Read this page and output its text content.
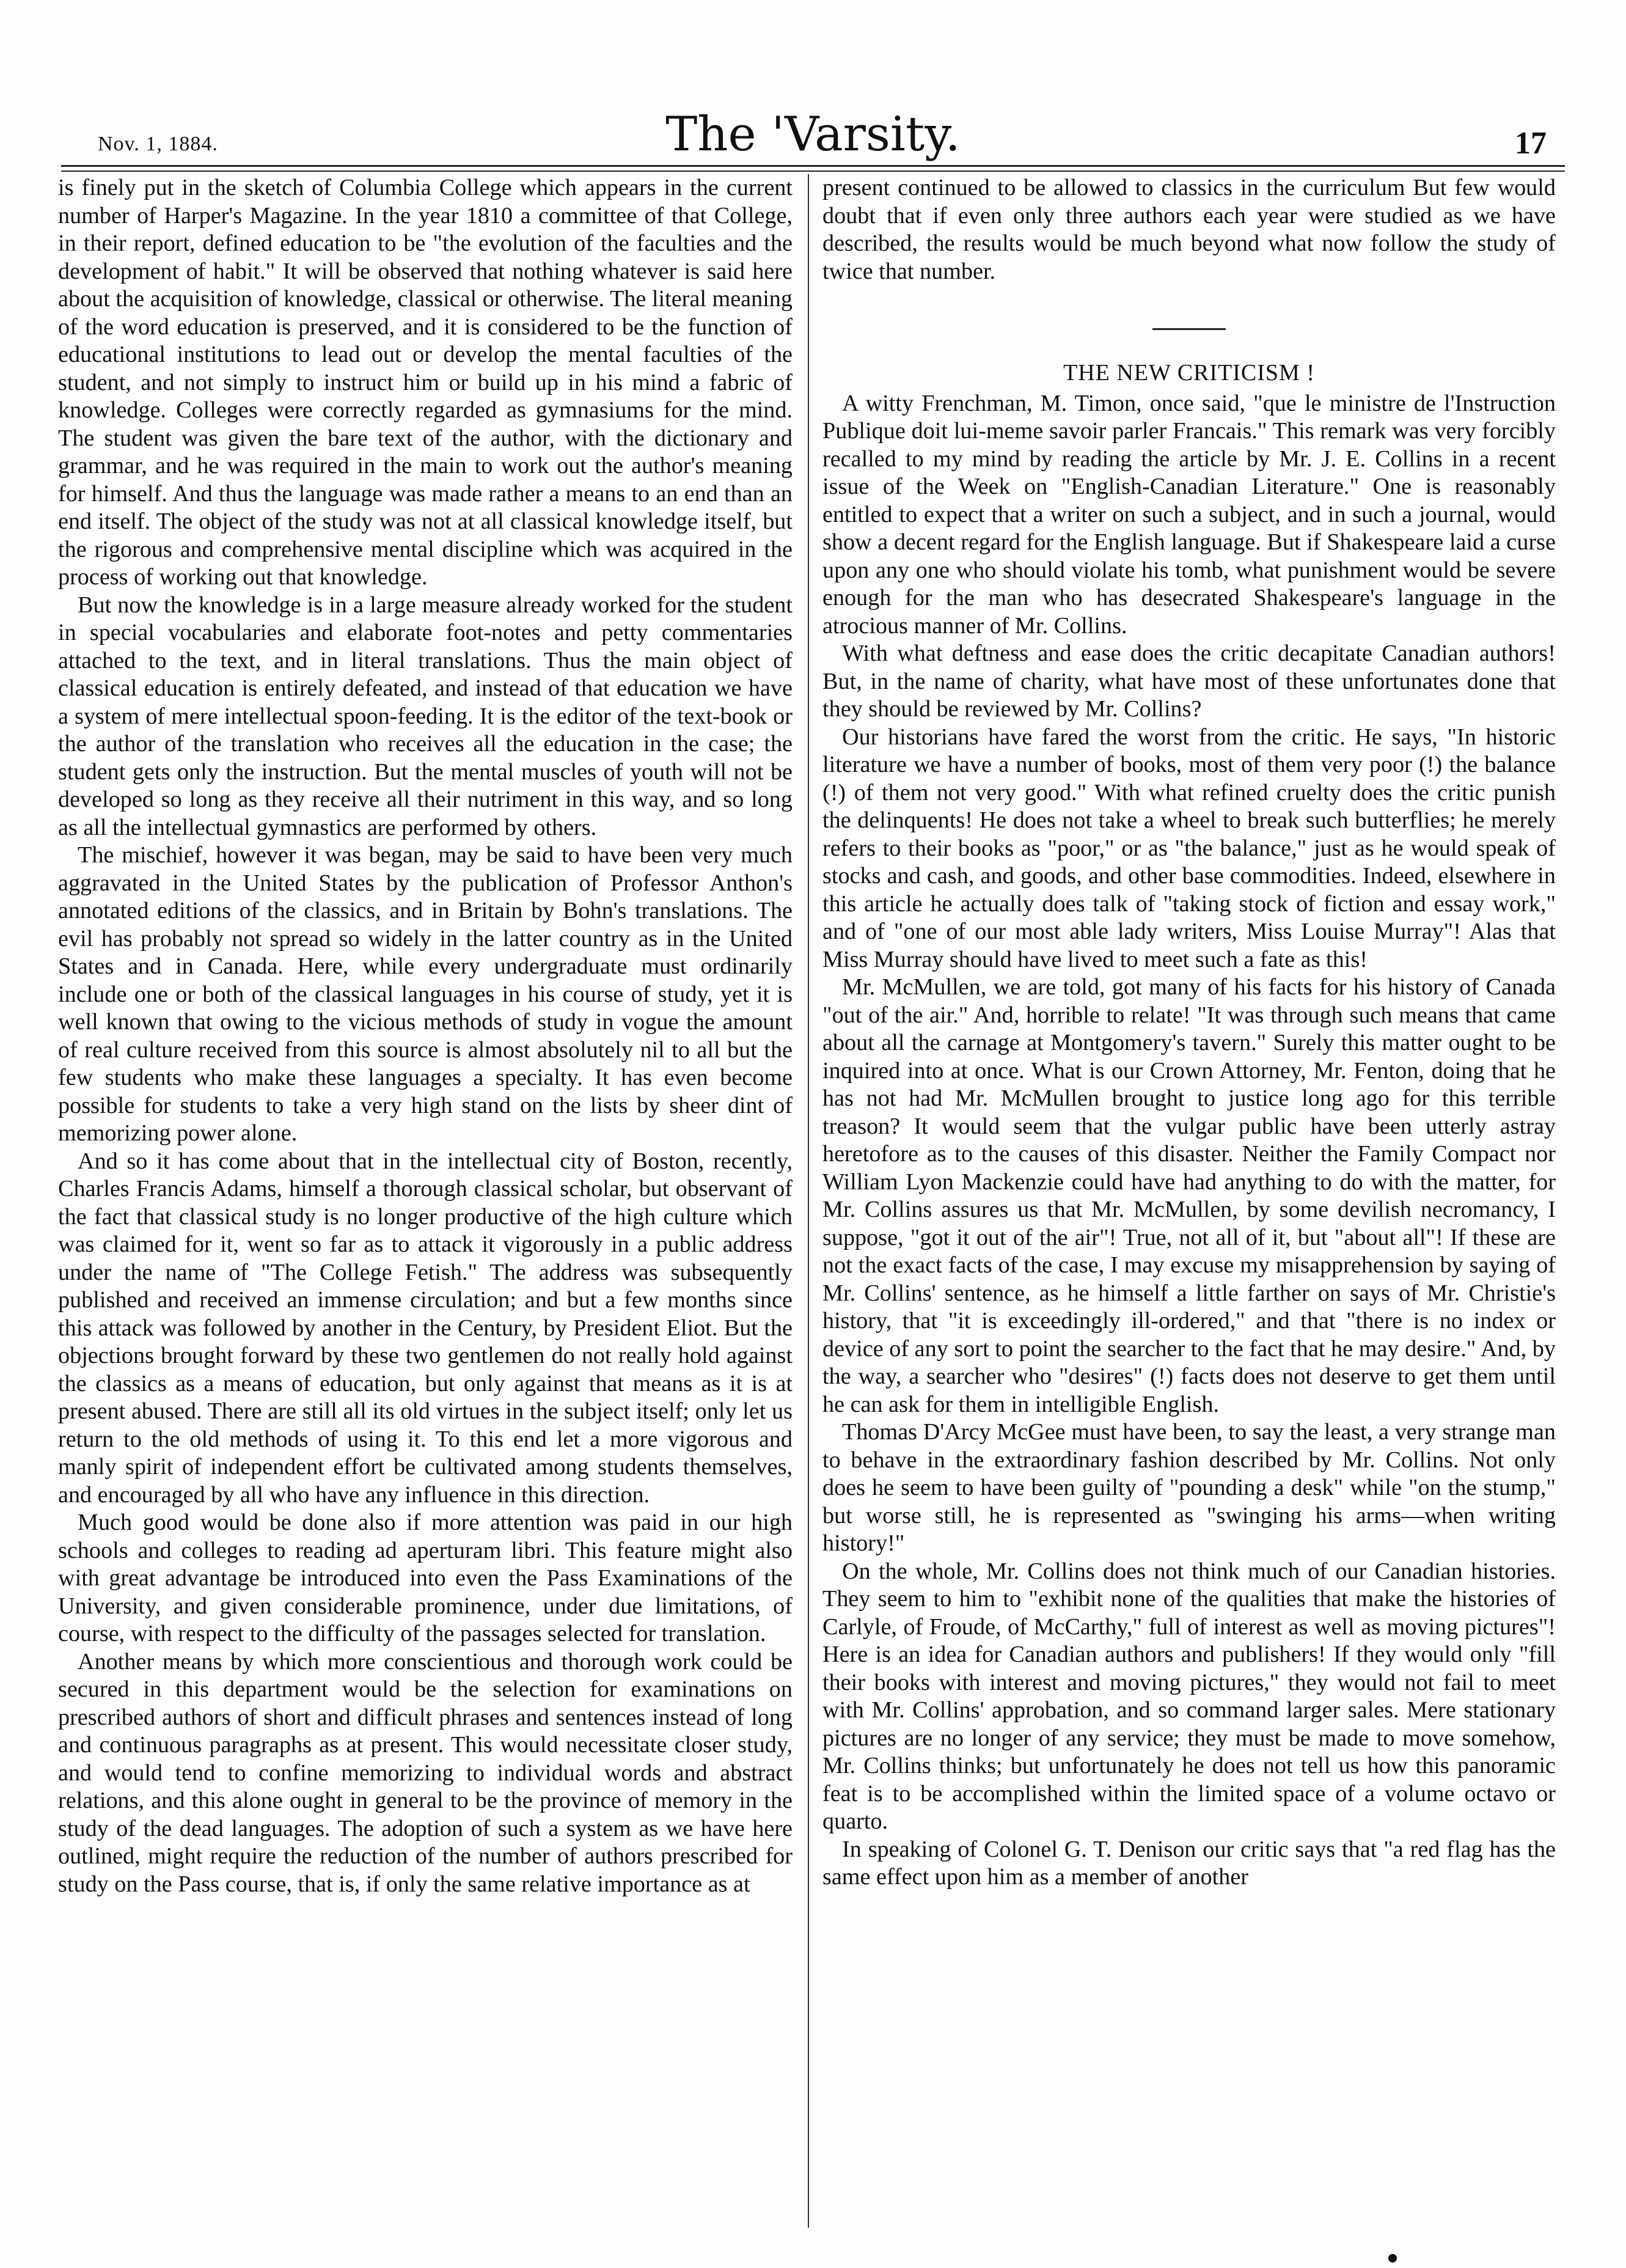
Nov. 1, 1884.	The 'Varsity.	17

is finely put in the sketch of Columbia College which appears in the current number of Harper's Magazine. In the year 1810 a committee of that College, in their report, defined education to be "the evolution of the faculties and the development of habit." It will be observed that nothing whatever is said here about the acquisition of knowledge, classical or otherwise. The literal meaning of the word education is preserved, and it is considered to be the function of educational institutions to lead out or develop the mental faculties of the student, and not simply to instruct him or build up in his mind a fabric of knowledge. Colleges were correctly regarded as gymnasiums for the mind. The student was given the bare text of the author, with the dictionary and grammar, and he was required in the main to work out the author's meaning for himself. And thus the language was made rather a means to an end than an end itself. The object of the study was not at all classical knowledge itself, but the rigorous and comprehensive mental discipline which was acquired in the process of working out that knowledge.

But now the knowledge is in a large measure already worked for the student in special vocabularies and elaborate foot-notes and petty commentaries attached to the text, and in literal translations. Thus the main object of classical education is entirely defeated, and instead of that education we have a system of mere intellectual spoon-feeding. It is the editor of the text-book or the author of the translation who receives all the education in the case; the student gets only the instruction. But the mental muscles of youth will not be developed so long as they receive all their nutriment in this way, and so long as all the intellectual gymnastics are performed by others.

The mischief, however it was began, may be said to have been very much aggravated in the United States by the publication of Professor Anthon's annotated editions of the classics, and in Britain by Bohn's translations. The evil has probably not spread so widely in the latter country as in the United States and in Canada. Here, while every undergraduate must ordinarily include one or both of the classical languages in his course of study, yet it is well known that owing to the vicious methods of study in vogue the amount of real culture received from this source is almost absolutely nil to all but the few students who make these languages a specialty. It has even become possible for students to take a very high stand on the lists by sheer dint of memorizing power alone.

And so it has come about that in the intellectual city of Boston, recently, Charles Francis Adams, himself a thorough classical scholar, but observant of the fact that classical study is no longer productive of the high culture which was claimed for it, went so far as to attack it vigorously in a public address under the name of "The College Fetish." The address was subsequently published and received an immense circulation; and but a few months since this attack was followed by another in the Century, by President Eliot. But the objections brought forward by these two gentlemen do not really hold against the classics as a means of education, but only against that means as it is at present abused. There are still all its old virtues in the subject itself; only let us return to the old methods of using it. To this end let a more vigorous and manly spirit of independent effort be cultivated among students themselves, and encouraged by all who have any influence in this direction.

Much good would be done also if more attention was paid in our high schools and colleges to reading ad aperturam libri. This feature might also with great advantage be introduced into even the Pass Examinations of the University, and given considerable prominence, under due limitations, of course, with respect to the difficulty of the passages selected for translation.

Another means by which more conscientious and thorough work could be secured in this department would be the selection for examinations on prescribed authors of short and difficult phrases and sentences instead of long and continuous paragraphs as at present. This would necessitate closer study, and would tend to confine memorizing to individual words and abstract relations, and this alone ought in general to be the province of memory in the study of the dead languages. The adoption of such a system as we have here outlined, might require the reduction of the number of authors prescribed for study on the Pass course, that is, if only the same relative importance as at

present continued to be allowed to classics in the curriculum But few would doubt that if even only three authors each year were studied as we have described, the results would be much beyond what now follow the study of twice that number.

THE NEW CRITICISM !

A witty Frenchman, M. Timon, once said, "que le ministre de l'Instruction Publique doit lui-meme savoir parler Francais." This remark was very forcibly recalled to my mind by reading the article by Mr. J. E. Collins in a recent issue of the Week on "English-Canadian Literature." One is reasonably entitled to expect that a writer on such a subject, and in such a journal, would show a decent regard for the English language. But if Shakespeare laid a curse upon any one who should violate his tomb, what punishment would be severe enough for the man who has desecrated Shakespeare's language in the atrocious manner of Mr. Collins.

With what deftness and ease does the critic decapitate Canadian authors! But, in the name of charity, what have most of these unfortunates done that they should be reviewed by Mr. Collins?

Our historians have fared the worst from the critic. He says, "In historic literature we have a number of books, most of them very poor (!) the balance (!) of them not very good." With what refined cruelty does the critic punish the delinquents! He does not take a wheel to break such butterflies; he merely refers to their books as "poor," or as "the balance," just as he would speak of stocks and cash, and goods, and other base commodities. Indeed, elsewhere in this article he actually does talk of "taking stock of fiction and essay work," and of "one of our most able lady writers, Miss Louise Murray"! Alas that Miss Murray should have lived to meet such a fate as this!

Mr. McMullen, we are told, got many of his facts for his history of Canada "out of the air." And, horrible to relate! "It was through such means that came about all the carnage at Montgomery's tavern." Surely this matter ought to be inquired into at once. What is our Crown Attorney, Mr. Fenton, doing that he has not had Mr. McMullen brought to justice long ago for this terrible treason? It would seem that the vulgar public have been utterly astray heretofore as to the causes of this disaster. Neither the Family Compact nor William Lyon Mackenzie could have had anything to do with the matter, for Mr. Collins assures us that Mr. McMullen, by some devilish necromancy, I suppose, "got it out of the air"! True, not all of it, but "about all"! If these are not the exact facts of the case, I may excuse my misapprehension by saying of Mr. Collins' sentence, as he himself a little farther on says of Mr. Christie's history, that "it is exceedingly ill-ordered," and that "there is no index or device of any sort to point the searcher to the fact that he may desire." And, by the way, a searcher who "desires" (!) facts does not deserve to get them until he can ask for them in intelligible English.

Thomas D'Arcy McGee must have been, to say the least, a very strange man to behave in the extraordinary fashion described by Mr. Collins. Not only does he seem to have been guilty of "pounding a desk" while "on the stump," but worse still, he is represented as "swinging his arms—when writing history!"

On the whole, Mr. Collins does not think much of our Canadian histories. They seem to him to "exhibit none of the qualities that make the histories of Carlyle, of Froude, of McCarthy," full of interest as well as moving pictures"! Here is an idea for Canadian authors and publishers! If they would only "fill their books with interest and moving pictures," they would not fail to meet with Mr. Collins' approbation, and so command larger sales. Mere stationary pictures are no longer of any service; they must be made to move somehow, Mr. Collins thinks; but unfortunately he does not tell us how this panoramic feat is to be accomplished within the limited space of a volume octavo or quarto.

In speaking of Colonel G. T. Denison our critic says that "a red flag has the same effect upon him as a member of another
